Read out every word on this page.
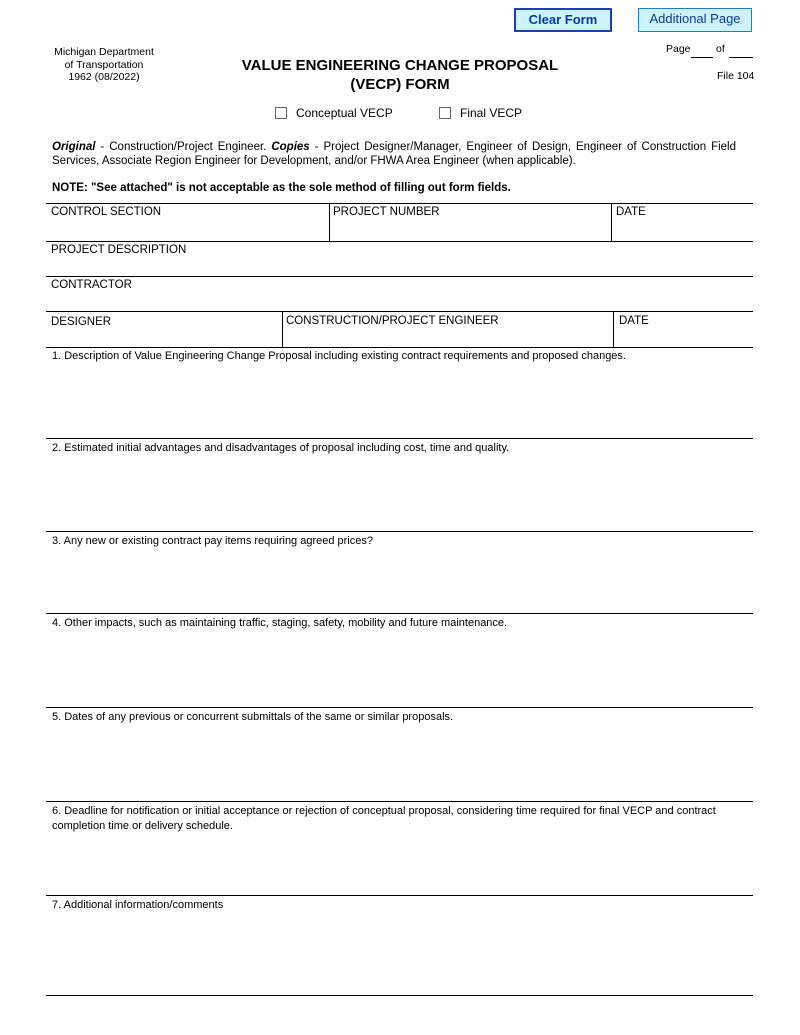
Clear Form	Additional Page
Michigan Department
of Transportation
1962 (08/2022)
VALUE ENGINEERING CHANGE PROPOSAL
(VECP) FORM
Page of
File 104
Conceptual VECP	Final VECP
Original - Construction/Project Engineer. Copies - Project Designer/Manager, Engineer of Design, Engineer of Construction Field Services, Associate Region Engineer for Development, and/or FHWA Area Engineer (when applicable).
NOTE: "See attached" is not acceptable as the sole method of filling out form fields.
CONTROL SECTION	PROJECT NUMBER	DATE
PROJECT DESCRIPTION
CONTRACTOR
DESIGNER	CONSTRUCTION/PROJECT ENGINEER	DATE
1. Description of Value Engineering Change Proposal including existing contract requirements and proposed changes.
2. Estimated initial advantages and disadvantages of proposal including cost, time and quality.
3. Any new or existing contract pay items requiring agreed prices?
4. Other impacts, such as maintaining traffic, staging, safety, mobility and future maintenance.
5. Dates of any previous or concurrent submittals of the same or similar proposals.
6. Deadline for notification or initial acceptance or rejection of conceptual proposal, considering time required for final VECP and contract completion time or delivery schedule.
7. Additional information/comments
